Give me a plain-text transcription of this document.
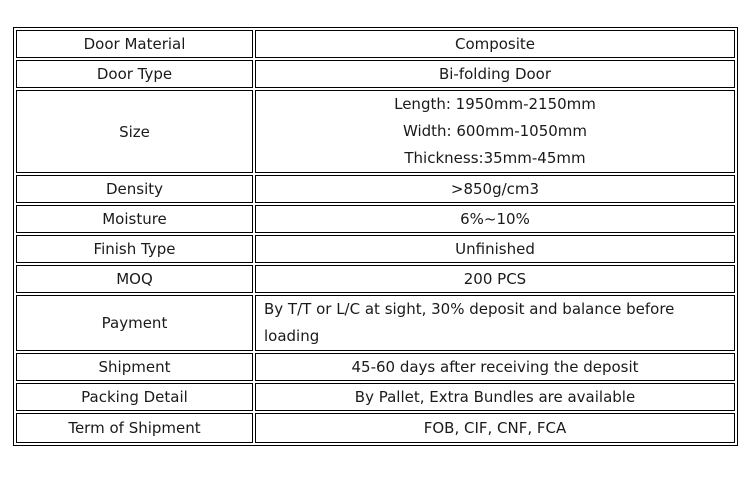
Door Material	Composite
Door Type	Bi-folding Door
Size	Length: 1950mm-2150mm
Width: 600mm-1050mm
Thickness:35mm-45mm

Density	>850g/cm3
Moisture	6%~10%
Finish Type	Unfinished
MOQ	200 PCS
Payment	By T/T or L/C at sight, 30% deposit and balance before loading
Shipment	45-60 days after receiving the deposit
Packing Detail	By Pallet, Extra Bundles are available
Term of Shipment	FOB, CIF, CNF, FCA
